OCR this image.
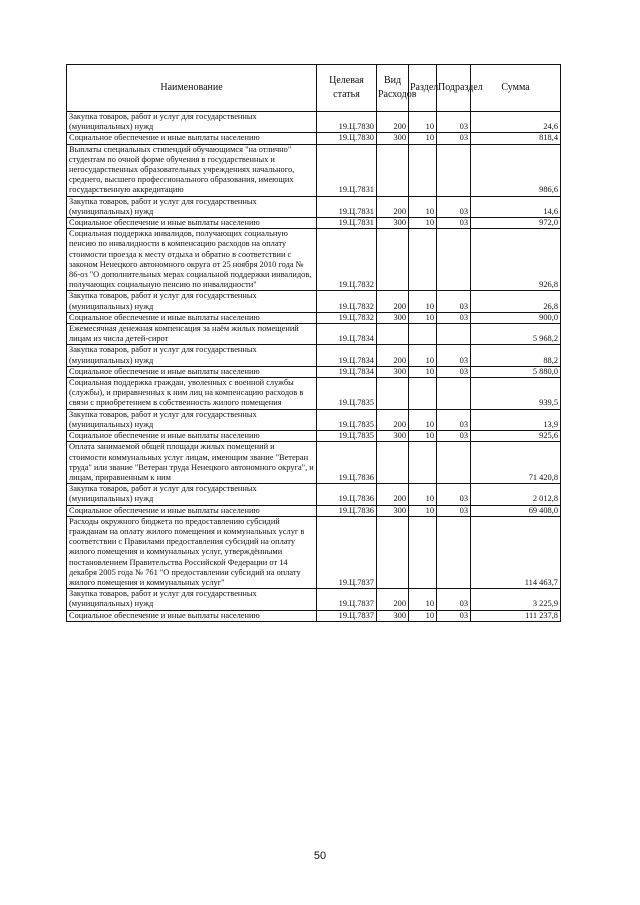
Наименование	Целевая статья	Вид Расходов	Раздел	Подраздел	Сумма
Закупка товаров, работ и услуг для государственных (муниципальных) нужд	19.Ц.7830	200	10	03	24,6
Социальное обеспечение и иные выплаты населению	19.Ц.7830	300	10	03	818,4
Выплаты специальных стипендий обучающимся "на отлично" студентам по очной форме обучения в государственных и негосударственных образовательных учреждениях начального, среднего, высшего профессионального образования, имеющих государственную аккредитацию	19.Ц.7831				986,6
Закупка товаров, работ и услуг для государственных (муниципальных) нужд	19.Ц.7831	200	10	03	14,6
Социальное обеспечение и иные выплаты населению	19.Ц.7831	300	10	03	972,0
Социальная поддержка инвалидов, получающих социальную пенсию по инвалидности в компенсацию расходов на оплату стоимости проезда к месту отдыха и обратно в соответствии с законом Ненецкого автономного округа от 25 ноября 2010 года № 86-оз "О дополнительных мерах социальной поддержки инвалидов, получающих социальную пенсию по инвалидности"	19.Ц.7832				926,8
Закупка товаров, работ и услуг для государственных (муниципальных) нужд	19.Ц.7832	200	10	03	26,8
Социальное обеспечение и иные выплаты населению	19.Ц.7832	300	10	03	900,0
Ежемесячная денежная компенсация за наём жилых помещений лицам из числа детей-сирот	19.Ц.7834				5 968,2
Закупка товаров, работ и услуг для государственных (муниципальных) нужд	19.Ц.7834	200	10	03	88,2
Социальное обеспечение и иные выплаты населению	19.Ц.7834	300	10	03	5 880,0
Социальная поддержка граждан, уволенных с военной службы (службы), и приравненных к ним лиц на компенсацию расходов в связи с приобретением в собственность жилого помещения	19.Ц.7835				939,5
Закупка товаров, работ и услуг для государственных (муниципальных) нужд	19.Ц.7835	200	10	03	13,9
Социальное обеспечение и иные выплаты населению	19.Ц.7835	300	10	03	925,6
Оплата занимаемой общей площади жилых помещений и стоимости коммунальных услуг лицам, имеющим звание "Ветеран труда" или звание "Ветеран труда Ненецкого автономного округа", и лицам, приравненным к ним	19.Ц.7836				71 420,8
Закупка товаров, работ и услуг для государственных (муниципальных) нужд	19.Ц.7836	200	10	03	2 012,8
Социальное обеспечение и иные выплаты населению	19.Ц.7836	300	10	03	69 408,0
Расходы окружного бюджета по предоставлению субсидий гражданам на оплату жилого помещения и коммунальных услуг в соответствии с Правилами предоставления субсидий на оплату жилого помещения и коммунальных услуг, утверждёнными постановлением Правительства Российской Федерации от 14 декабря 2005 года № 761 "О предоставлении субсидий на оплату жилого помещения и коммунальных услуг"	19.Ц.7837				114 463,7
Закупка товаров, работ и услуг для государственных (муниципальных) нужд	19.Ц.7837	200	10	03	3 225,9
Социальное обеспечение и иные выплаты населению	19.Ц.7837	300	10	03	111 237,8
50
